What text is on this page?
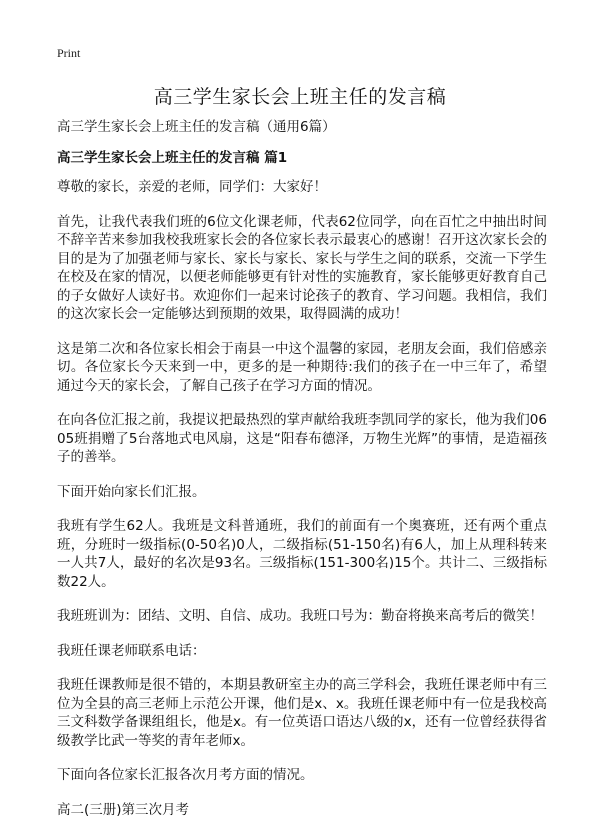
Print
高三学生家长会上班主任的发言稿
高三学生家长会上班主任的发言稿（通用6篇）
高三学生家长会上班主任的发言稿 篇1
尊敬的家长，亲爱的老师，同学们：大家好！
首先，让我代表我们班的6位文化课老师，代表62位同学，向在百忙之中抽出时间不辞辛苦来参加我校我班家长会的各位家长表示最衷心的感谢！召开这次家长会的目的是为了加强老师与家长、家长与家长、家长与学生之间的联系，交流一下学生在校及在家的情况，以便老师能够更有针对性的实施教育，家长能够更好教育自己的子女做好人读好书。欢迎你们一起来讨论孩子的教育、学习问题。我相信，我们的这次家长会一定能够达到预期的效果，取得圆满的成功！
这是第二次和各位家长相会于南县一中这个温馨的家园，老朋友会面，我们倍感亲切。各位家长今天来到一中，更多的是一种期待:我们的孩子在一中三年了，希望通过今天的家长会，了解自己孩子在学习方面的情况。
在向各位汇报之前，我提议把最热烈的掌声献给我班李凯同学的家长，他为我们0605班捐赠了5台落地式电风扇，这是“阳春布德泽，万物生光辉”的事情，是造福孩子的善举。
下面开始向家长们汇报。
我班有学生62人。我班是文科普通班，我们的前面有一个奥赛班，还有两个重点班，分班时一级指标(0-50名)0人，二级指标(51-150名)有6人，加上从理科转来一人共7人，最好的名次是93名。三级指标(151-300名)15个。共计二、三级指标数22人。
我班班训为：团结、文明、自信、成功。我班口号为：勤奋将换来高考后的微笑！
我班任课老师联系电话：
我班任课教师是很不错的，本期县教研室主办的高三学科会，我班任课老师中有三位为全县的高三老师上示范公开课，他们是x、x。我班任课老师中有一位是我校高三文科数学备课组组长，他是x。有一位英语口语达八级的x，还有一位曾经获得省级教学比武一等奖的青年老师x。
下面向各位家长汇报各次月考方面的情况。
高二(三册)第三次月考
